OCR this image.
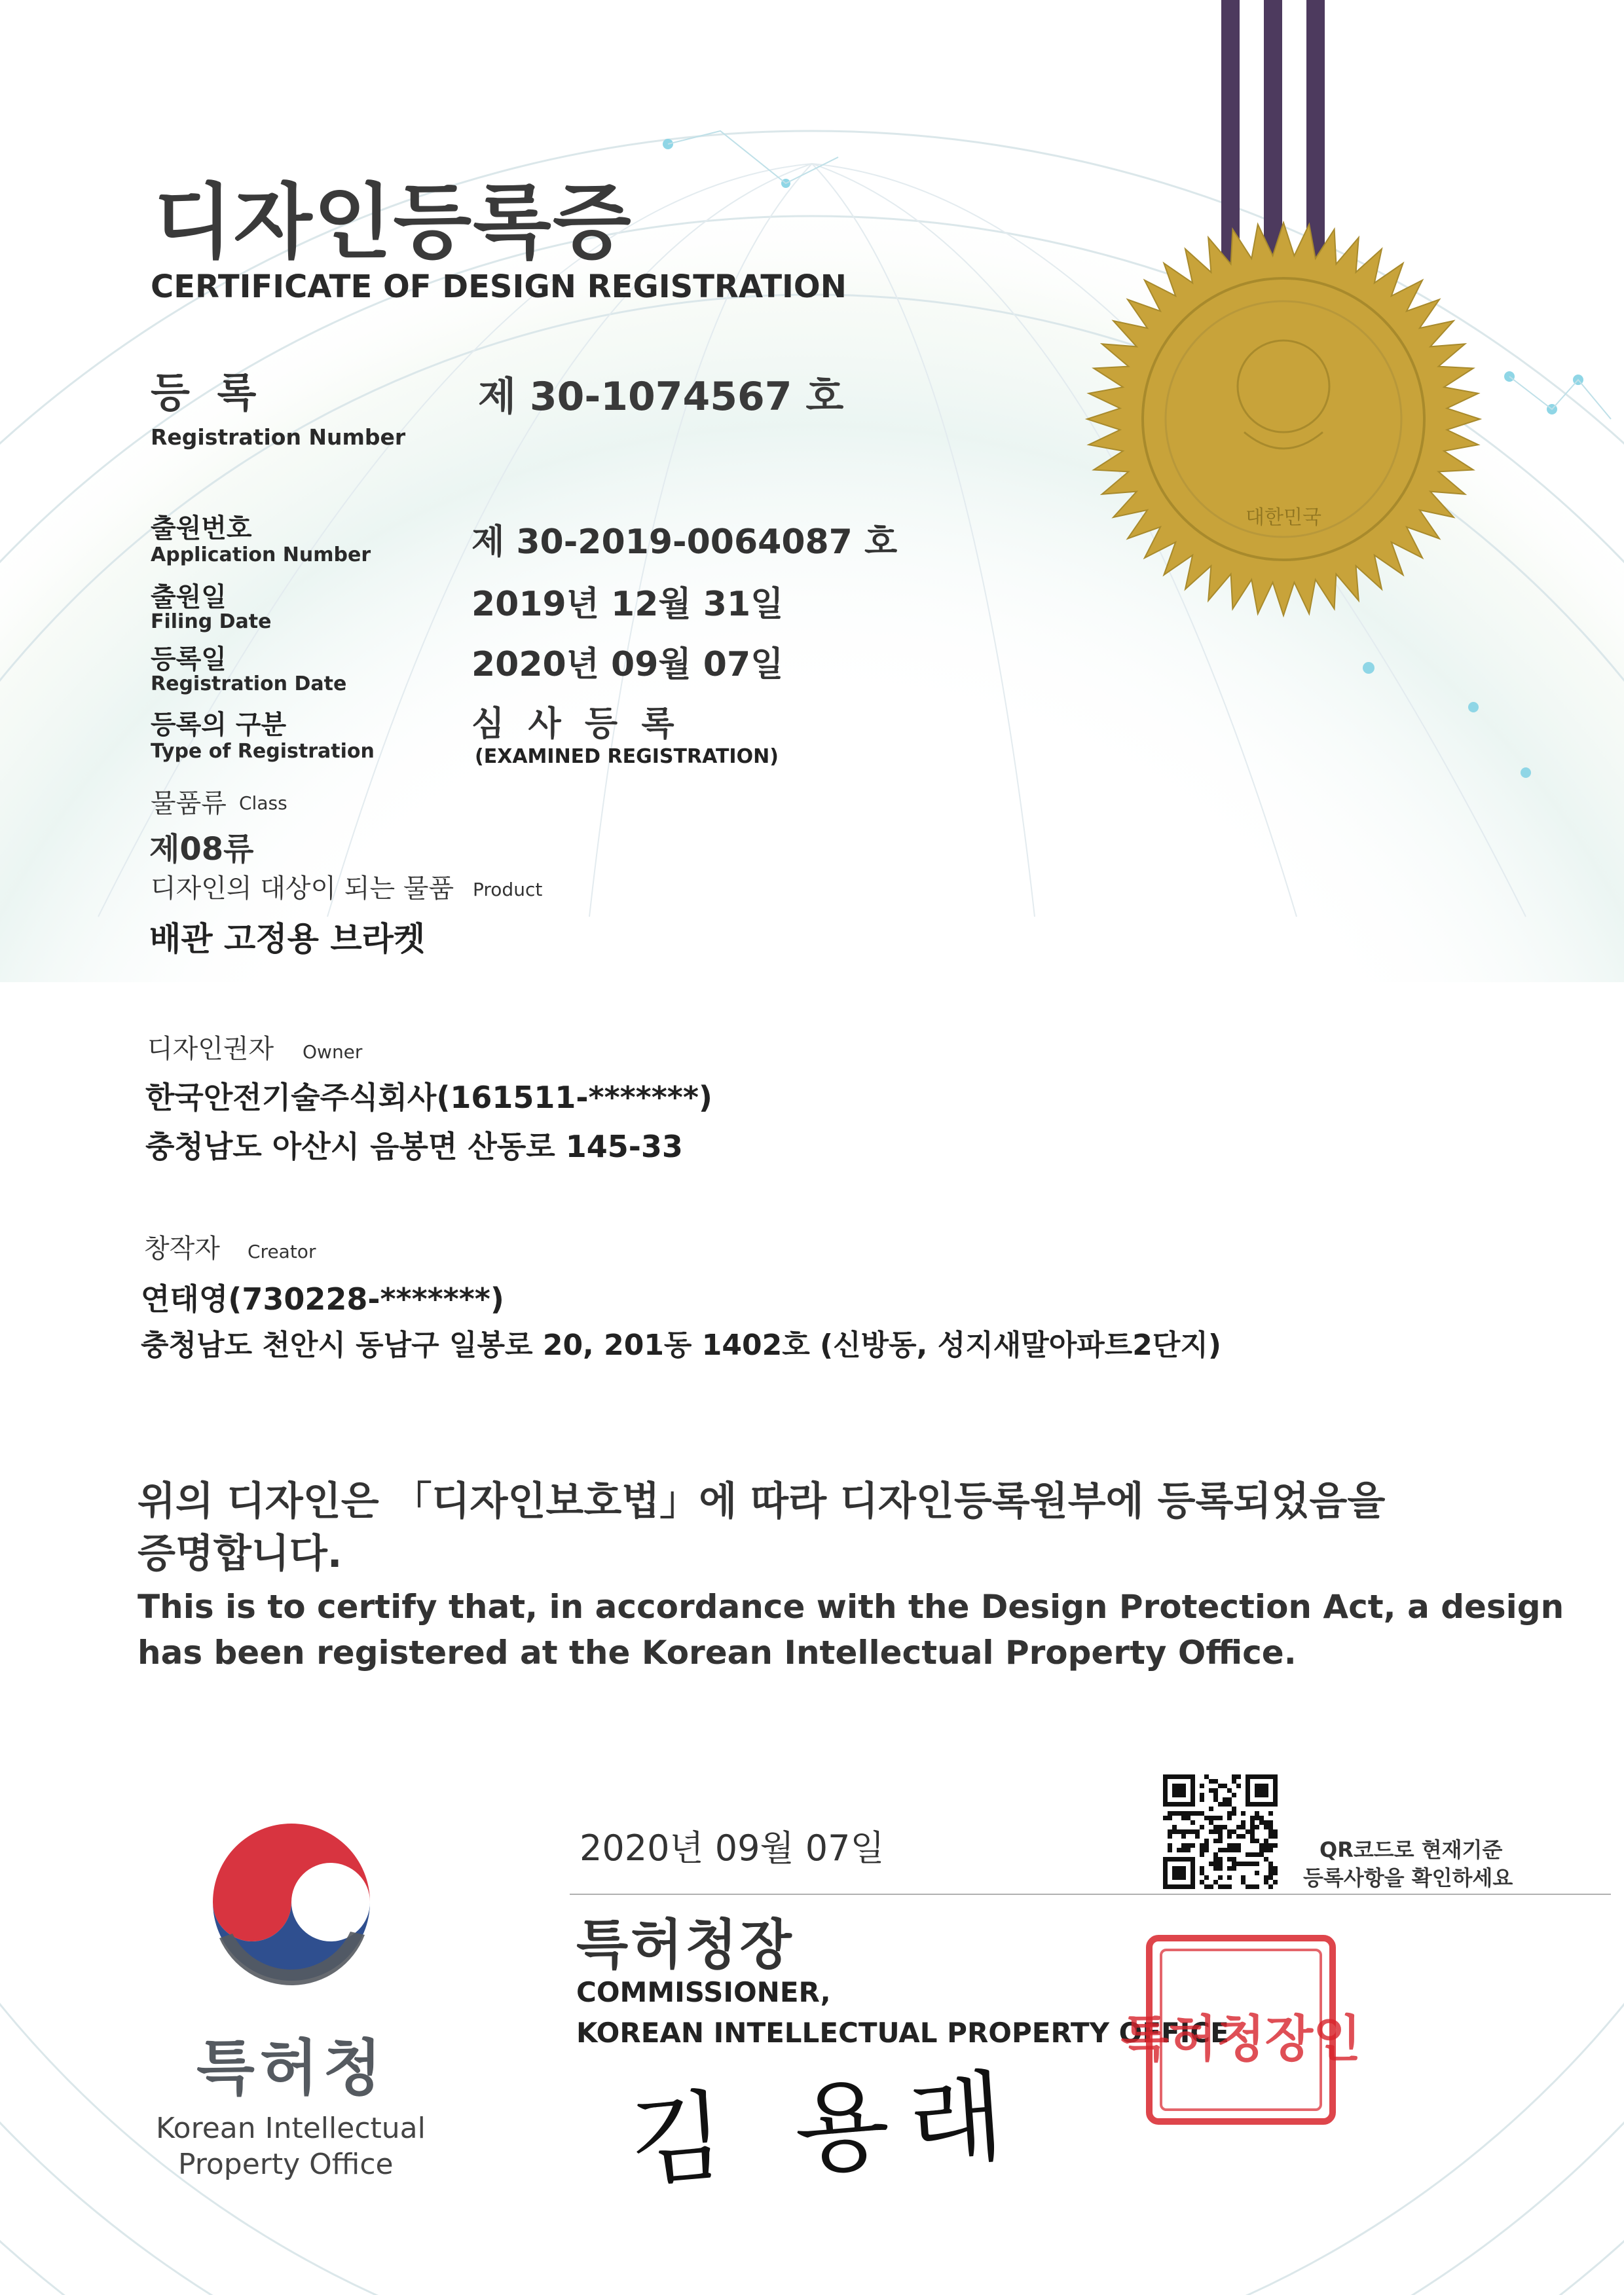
대한민국
디자인등록증
CERTIFICATE OF DESIGN REGISTRATION
등 록
Registration Number
제 30-1074567 호
출원번호
Application Number	제 30-2019-0064087 호
출원일
Filing Date	2019년 12월 31일
등록일
Registration Date	2020년 09월 07일
등록의 구분
Type of Registration
심  사  등  록
(EXAMINED REGISTRATION)
물품류 Class
제08류
디자인의 대상이 되는 물품 Product
배관 고정용 브라켓
디자인권자 Owner
한국안전기술주식회사(161511-*******)
충청남도 아산시 음봉면 산동로 145-33
창작자 Creator
연태영(730228-*******)
충청남도 천안시 동남구 일봉로 20, 201동 1402호 (신방동, 성지새말아파트2단지)
위의 디자인은 「디자인보호법」에 따라 디자인등록원부에 등록되었음을
증명합니다.
This is to certify that, in accordance with the Design Protection Act, a design
has been registered at the Korean Intellectual Property Office.
2020년 09월 07일	QR코드로 현재기준
등록사항을 확인하세요
특허청장
COMMISSIONER,
KOREAN INTELLECTUAL PROPERTY OFFICE
김 용래
특허청장인
특허청
Korean Intellectual
Property Office
